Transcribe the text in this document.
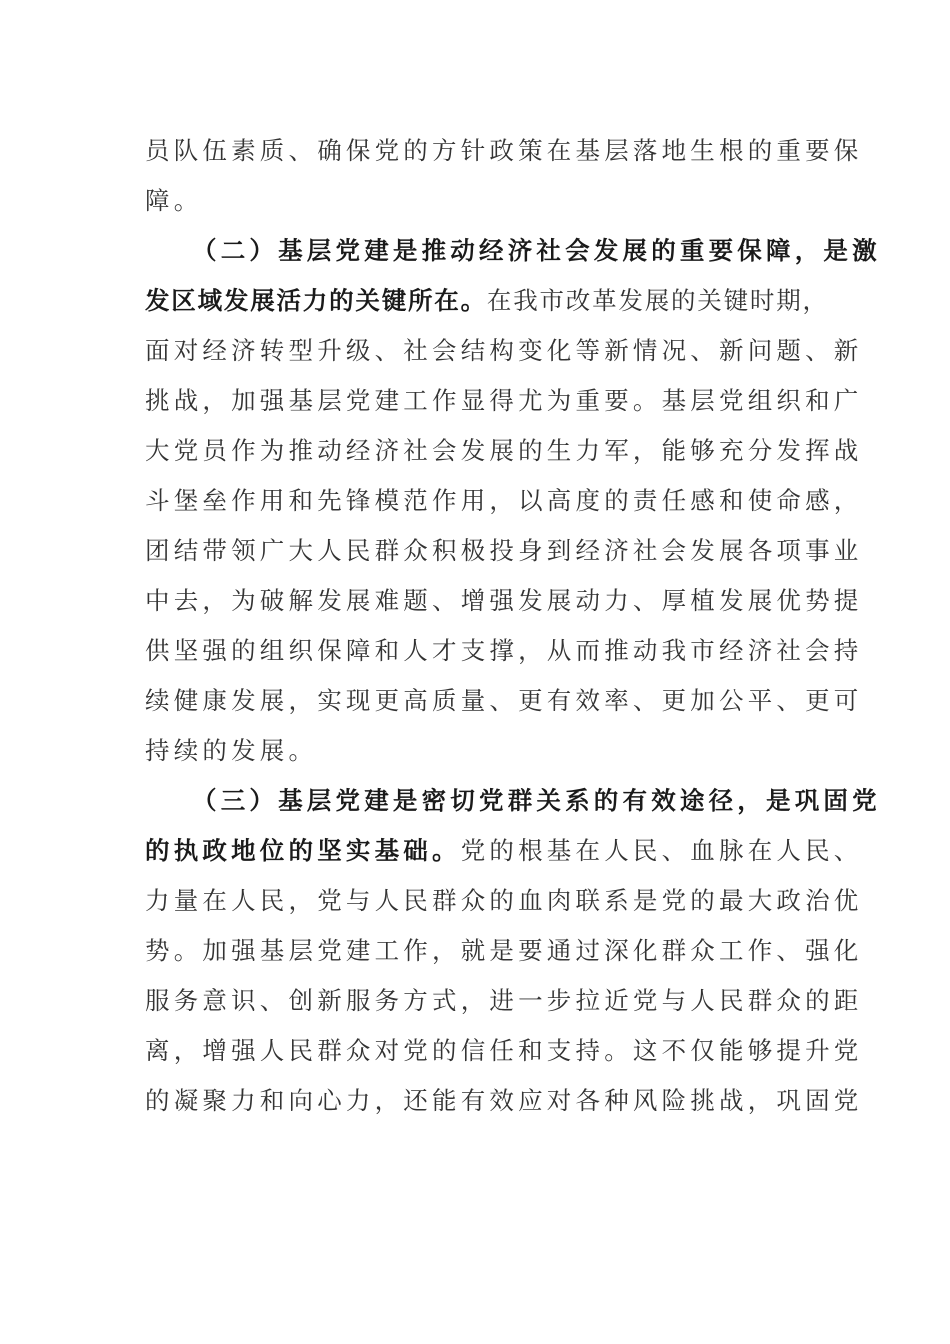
员队伍素质、确保党的方针政策在基层落地生根的重要保
障。
（二）基层党建是推动经济社会发展的重要保障，是激
发区域发展活力的关键所在。在我市改革发展的关键时期，
面对经济转型升级、社会结构变化等新情况、新问题、新
挑战，加强基层党建工作显得尤为重要。基层党组织和广
大党员作为推动经济社会发展的生力军，能够充分发挥战
斗堡垒作用和先锋模范作用，以高度的责任感和使命感，
团结带领广大人民群众积极投身到经济社会发展各项事业
中去，为破解发展难题、增强发展动力、厚植发展优势提
供坚强的组织保障和人才支撑，从而推动我市经济社会持
续健康发展，实现更高质量、更有效率、更加公平、更可
持续的发展。
（三）基层党建是密切党群关系的有效途径，是巩固党
的执政地位的坚实基础。党的根基在人民、血脉在人民、
力量在人民，党与人民群众的血肉联系是党的最大政治优
势。加强基层党建工作，就是要通过深化群众工作、强化
服务意识、创新服务方式，进一步拉近党与人民群众的距
离，增强人民群众对党的信任和支持。这不仅能够提升党
的凝聚力和向心力，还能有效应对各种风险挑战，巩固党
